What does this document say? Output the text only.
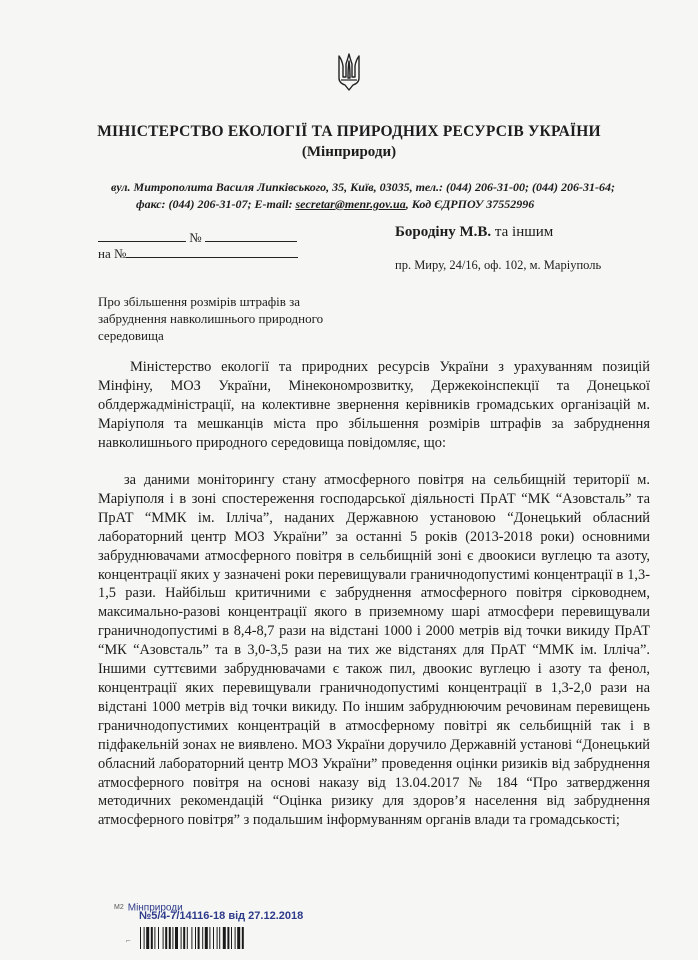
МІНІСТЕРСТВО ЕКОЛОГІЇ ТА ПРИРОДНИХ РЕСУРСІВ УКРАЇНИ
(Мінприроди)
вул. Митрополита Василя Липківського, 35, Київ, 03035, тел.: (044) 206-31-00; (044) 206-31-64;
факс: (044) 206-31-07; E-mail: secretar@menr.gov.ua, Код ЄДРПОУ 37552996
№
на №
Бородіну М.В. та іншим
пр. Миру, 24/16, оф. 102, м. Маріуполь
Про збільшення розмірів штрафів за забруднення навколишнього природного середовища
Міністерство екології та природних ресурсів України з урахуванням позицій Мінфіну, МОЗ України, Мінекономрозвитку, Держекоінспекції та Донецької облдержадміністрації, на колективне звернення керівників громадських організацій м. Маріуполя та мешканців міста про збільшення розмірів штрафів за забруднення навколишнього природного середовища повідомляє, що:
за даними моніторингу стану атмосферного повітря на сельбищній території м. Маріуполя і в зоні спостереження господарської діяльності ПрАТ “МК “Азовсталь” та ПрАТ “ММК ім. Ілліча”, наданих Державною установою “Донецький обласний лабораторний центр МОЗ України” за останні 5 років (2013-2018 роки) основними забруднювачами атмосферного повітря в сельбищній зоні є двоокиси вуглецю та азоту, концентрації яких у зазначені роки перевищували граничнодопустимі концентрації в 1,3-1,5 рази. Найбільш критичними є забруднення атмосферного повітря сірководнем, максимально-разові концентрації якого в приземному шарі атмосфери перевищували граничнодопустимі в 8,4-8,7 рази на відстані 1000 і 2000 метрів від точки викиду ПрАТ “МК “Азовсталь” та в 3,0-3,5 рази на тих же відстанях для ПрАТ “ММК ім. Ілліча”. Іншими суттєвими забруднювачами є також пил, двоокис вуглецю і азоту та фенол, концентрації яких перевищували граничнодопустимі концентрації в 1,3-2,0 рази на відстані 1000 метрів від точки викиду. По іншим забруднюючим речовинам перевищень граничнодопустимих концентрацій в атмосферному повітрі як сельбищній так і в підфакельній зонах не виявлено. МОЗ України доручило Державній установі “Донецький обласний лабораторний центр МОЗ України” проведення оцінки ризиків від забруднення атмосферного повітря на основі наказу від 13.04.2017 № 184 “Про затвердження методичних рекомендацій “Оцінка ризику для здоров’я населення від забруднення атмосферного повітря” з подальшим інформуванням органів влади та громадськості;
М2 Мінприроди
№5/4-7/14116-18 від 27.12.2018
⌐
